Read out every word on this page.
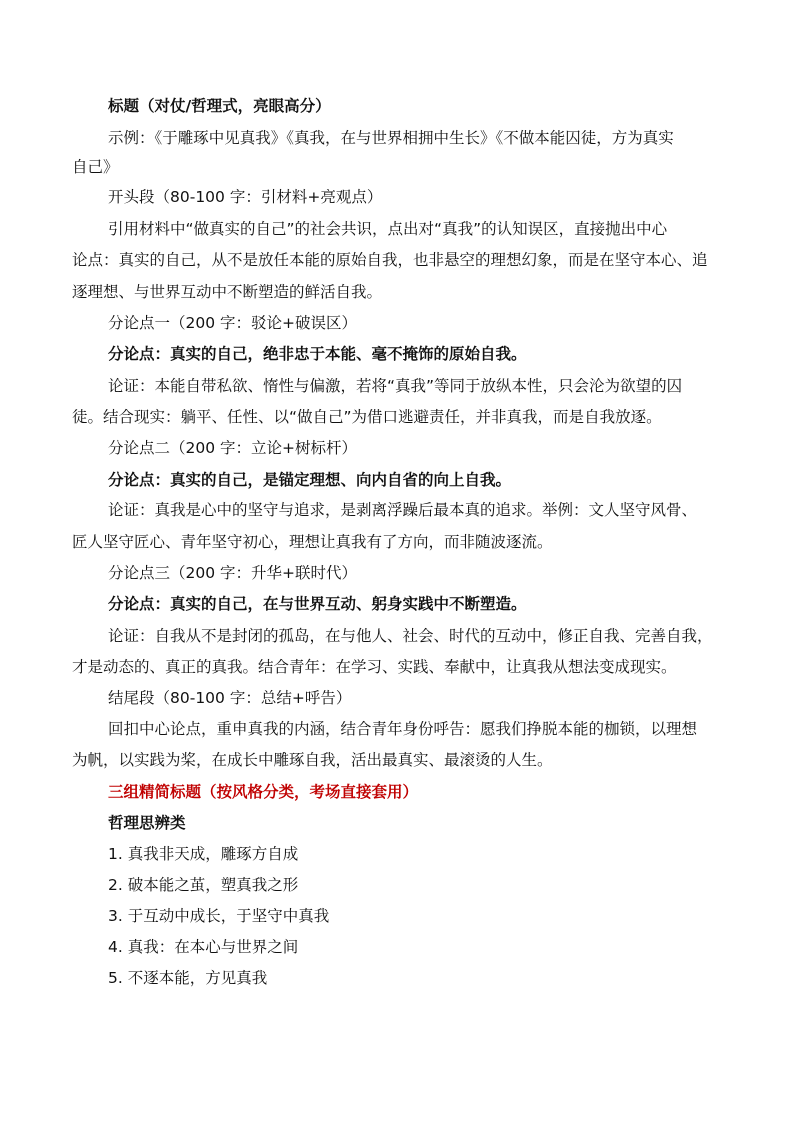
标题（对仗/哲理式，亮眼高分）
示例：《于雕琢中见真我》《真我，在与世界相拥中生长》《不做本能囚徒，方为真实
自己》
开头段（80-100 字：引材料+亮观点）
引用材料中“做真实的自己”的社会共识，点出对“真我”的认知误区，直接抛出中心
论点：真实的自己，从不是放任本能的原始自我，也非悬空的理想幻象，而是在坚守本心、追
逐理想、与世界互动中不断塑造的鲜活自我。
分论点一（200 字：驳论+破误区）
分论点：真实的自己，绝非忠于本能、毫不掩饰的原始自我。
论证：本能自带私欲、惰性与偏激，若将“真我”等同于放纵本性，只会沦为欲望的囚
徒。结合现实：躺平、任性、以“做自己”为借口逃避责任，并非真我，而是自我放逐。
分论点二（200 字：立论+树标杆）
分论点：真实的自己，是锚定理想、向内自省的向上自我。
论证：真我是心中的坚守与追求，是剥离浮躁后最本真的追求。举例：文人坚守风骨、
匠人坚守匠心、青年坚守初心，理想让真我有了方向，而非随波逐流。
分论点三（200 字：升华+联时代）
分论点：真实的自己，在与世界互动、躬身实践中不断塑造。
论证：自我从不是封闭的孤岛，在与他人、社会、时代的互动中，修正自我、完善自我，
才是动态的、真正的真我。结合青年：在学习、实践、奉献中，让真我从想法变成现实。
结尾段（80-100 字：总结+呼告）
回扣中心论点，重申真我的内涵，结合青年身份呼告：愿我们挣脱本能的枷锁，以理想
为帆，以实践为桨，在成长中雕琢自我，活出最真实、最滚烫的人生。
三组精简标题（按风格分类，考场直接套用）
哲理思辨类
1. 真我非天成，雕琢方自成
2. 破本能之茧，塑真我之形
3. 于互动中成长，于坚守中真我
4. 真我：在本心与世界之间
5. 不逐本能，方见真我
